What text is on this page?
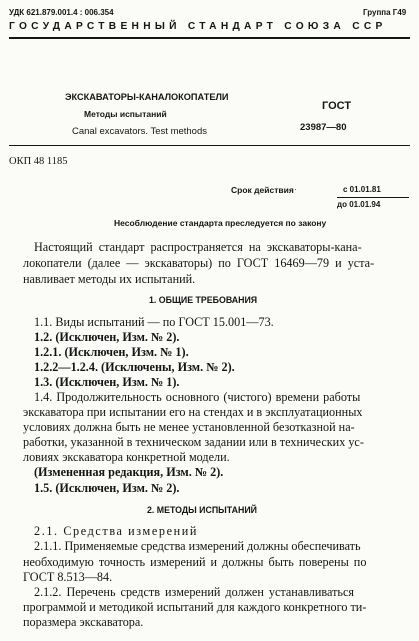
УДК 621.879.001.4 : 006.354	Группа Г49
ГОСУДАРСТВЕННЫЙ СТАНДАРТ СОЮЗА ССР
ЭКСКАВАТОРЫ-КАНАЛОКОПАТЕЛИ
Методы испытаний
Canal excavators. Test methods
ГОСТ
23987—80
ОКП 48 1185
Срок действия ·	с 01.01.81
до 01.01.94
Несоблюдение стандарта преследуется по закону
Настоящий стандарт распространяется на экскаваторы-кана-
локопатели (далее — экскаваторы) по ГОСТ 16469—79 и уста-
навливает методы их испытаний.
1. ОБЩИЕ ТРЕБОВАНИЯ
1.1. Виды испытаний — по ГОСТ 15.001—73.
1.2. (Исключен, Изм. № 2).
1.2.1. (Исключен, Изм. № 1).
1.2.2—1.2.4. (Исключены, Изм. № 2).
1.3. (Исключен, Изм. № 1).
1.4. Продолжительность основного (чистого) времени работы
экскаватора при испытании его на стендах и в эксплуатационных
условиях должна быть не менее установленной безотказной на-
работки, указанной в техническом задании или в технических ус-
ловиях экскаватора конкретной модели.
(Измененная редакция, Изм. № 2).
1.5. (Исключен, Изм. № 2).
2. МЕТОДЫ ИСПЫТАНИЙ
2.1. Средства измерений
2.1.1. Применяемые средства измерений должны обеспечивать
необходимую точность измерений и должны быть поверены по
ГОСТ 8.513—84.
2.1.2. Перечень средств измерений должен устанавливаться
программой и методикой испытаний для каждого конкретного ти-
поразмера экскаватора.
